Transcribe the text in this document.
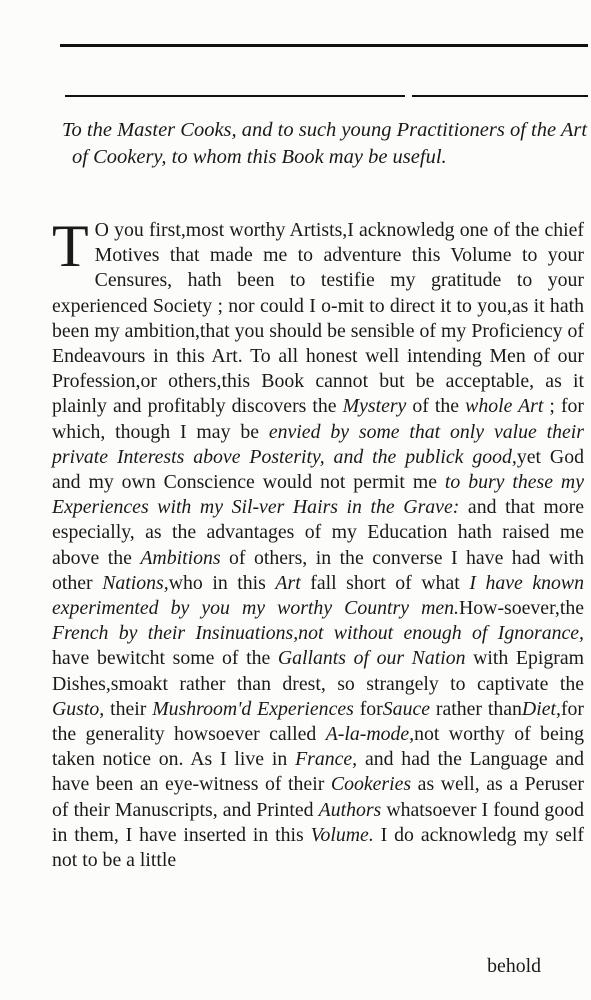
To the Master Cooks, and to such young Practitioners of the Art of Cookery, to whom this Book may be useful.

T O you first,most worthy Artists,I acknowledg one of the chief Motives that made me to adventure this Volume to your Censures, hath been to testifie my gratitude to your experienced Society ; nor could I o-mit to direct it to you,as it hath been my ambition,that you should be sensible of my Proficiency of Endeavours in this Art. To all honest well intending Men of our Profession,or others,this Book cannot but be acceptable, as it plainly and profitably discovers the Mystery of the whole Art ; for which, though I may be envied by some that only value their private Interests above Posterity, and the publick good,yet God and my own Conscience would not permit me to bury these my Experiences with my Sil-ver Hairs in the Grave: and that more especially, as the advantages of my Education hath raised me above the Ambitions of others, in the converse I have had with other Nations,who in this Art fall short of what I have known experimented by you my worthy Country men.How-soever,the French by their Insinuations,not without enough of Ignorance, have bewitcht some of the Gallants of our Nation with Epigram Dishes,smoakt rather than drest, so strangely to captivate the Gusto, their Mushroom'd Experiences forSauce rather thanDiet,for the generality howsoever called A-la-mode,not worthy of being taken notice on. As I live in France, and had the Language and have been an eye-witness of their Cookeries as well, as a Peruser of their Manuscripts, and Printed Authors whatsoever I found good in them, I have inserted in this Volume. I do acknowledg my self not to be a little

behold
